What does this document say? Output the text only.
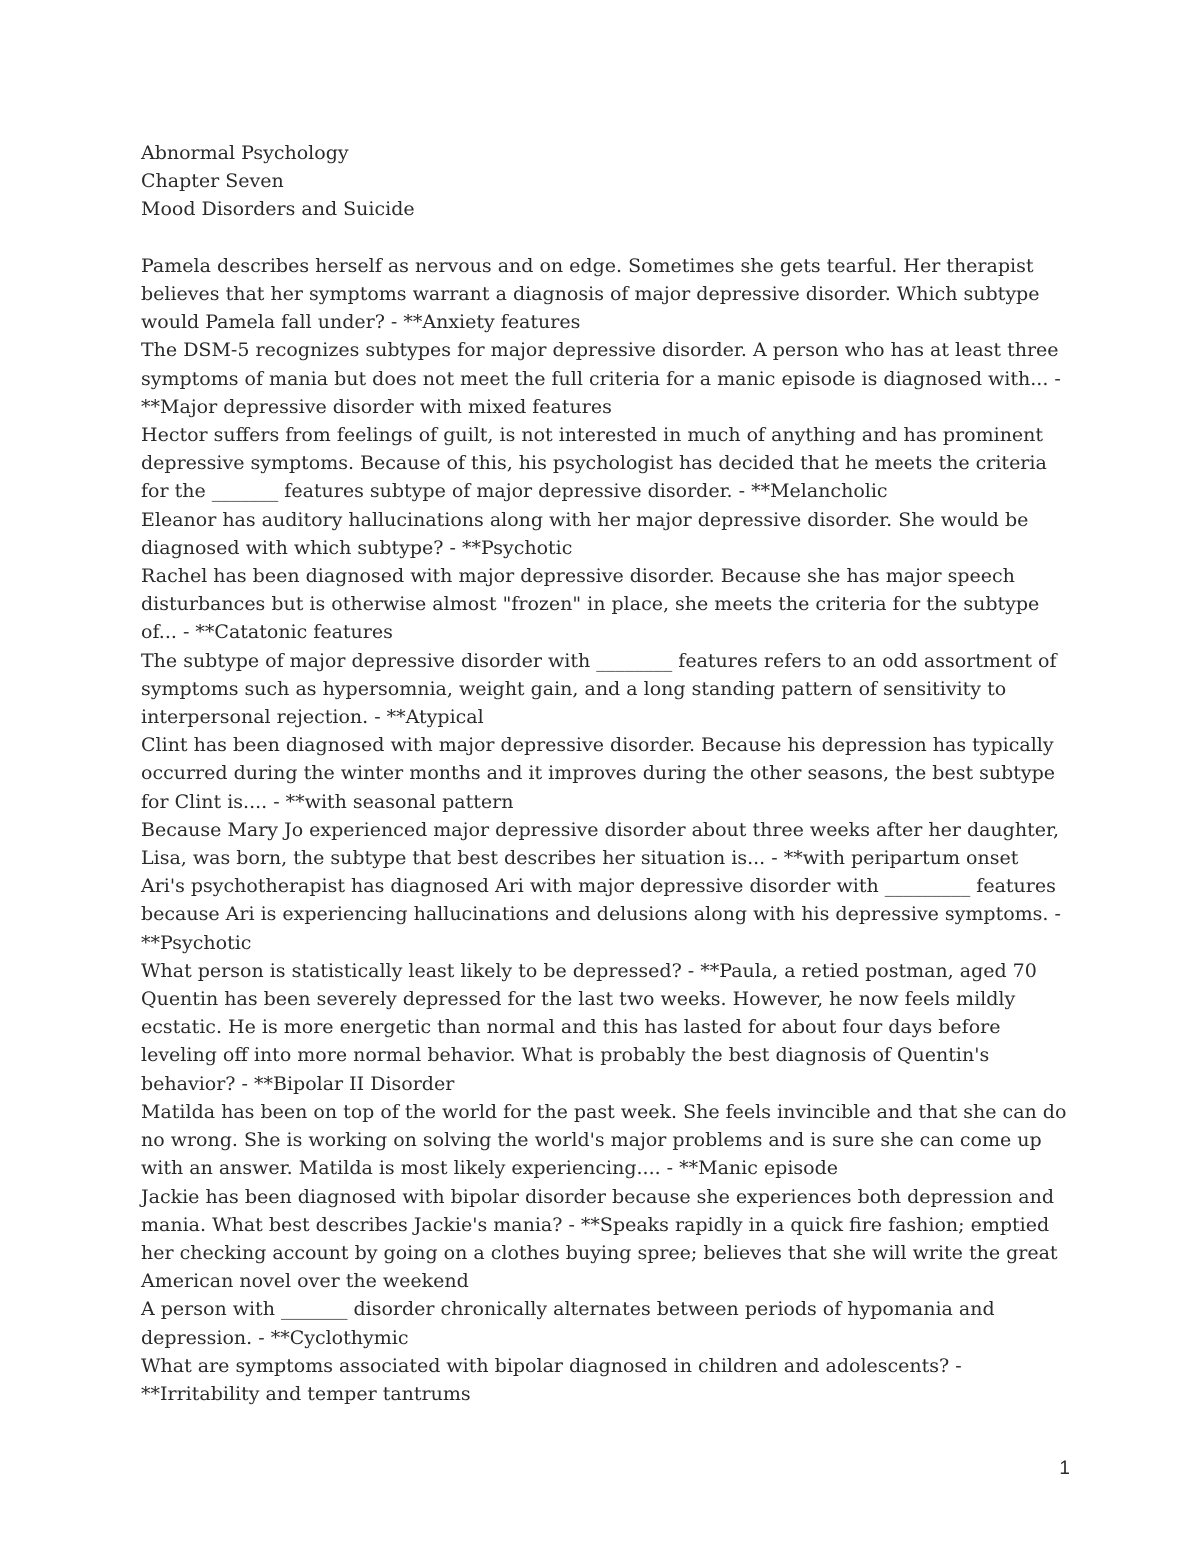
Abnormal Psychology
Chapter Seven
Mood Disorders and Suicide

Pamela describes herself as nervous and on edge. Sometimes she gets tearful. Her therapist believes that her symptoms warrant a diagnosis of major depressive disorder. Which subtype would Pamela fall under? - **Anxiety features

The DSM-5 recognizes subtypes for major depressive disorder. A person who has at least three symptoms of mania but does not meet the full criteria for a manic episode is diagnosed with... - **Major depressive disorder with mixed features

Hector suffers from feelings of guilt, is not interested in much of anything and has prominent depressive symptoms. Because of this, his psychologist has decided that he meets the criteria for the _______ features subtype of major depressive disorder. - **Melancholic

Eleanor has auditory hallucinations along with her major depressive disorder. She would be diagnosed with which subtype? - **Psychotic

Rachel has been diagnosed with major depressive disorder. Because she has major speech disturbances but is otherwise almost "frozen" in place, she meets the criteria for the subtype of... - **Catatonic features

The subtype of major depressive disorder with ________ features refers to an odd assortment of symptoms such as hypersomnia, weight gain, and a long standing pattern of sensitivity to interpersonal rejection. - **Atypical

Clint has been diagnosed with major depressive disorder. Because his depression has typically occurred during the winter months and it improves during the other seasons, the best subtype for Clint is.... - **with seasonal pattern

Because Mary Jo experienced major depressive disorder about three weeks after her daughter, Lisa, was born, the subtype that best describes her situation is... - **with peripartum onset

Ari's psychotherapist has diagnosed Ari with major depressive disorder with _________ features because Ari is experiencing hallucinations and delusions along with his depressive symptoms. - **Psychotic

What person is statistically least likely to be depressed? - **Paula, a retied postman, aged 70

Quentin has been severely depressed for the last two weeks. However, he now feels mildly ecstatic. He is more energetic than normal and this has lasted for about four days before leveling off into more normal behavior. What is probably the best diagnosis of Quentin's behavior? - **Bipolar II Disorder

Matilda has been on top of the world for the past week. She feels invincible and that she can do no wrong. She is working on solving the world's major problems and is sure she can come up with an answer. Matilda is most likely experiencing.... - **Manic episode

Jackie has been diagnosed with bipolar disorder because she experiences both depression and mania. What best describes Jackie's mania? - **Speaks rapidly in a quick fire fashion; emptied her checking account by going on a clothes buying spree; believes that she will write the great American novel over the weekend

A person with _______ disorder chronically alternates between periods of hypomania and depression. - **Cyclothymic

What are symptoms associated with bipolar diagnosed in children and adolescents? - **Irritability and temper tantrums

1
